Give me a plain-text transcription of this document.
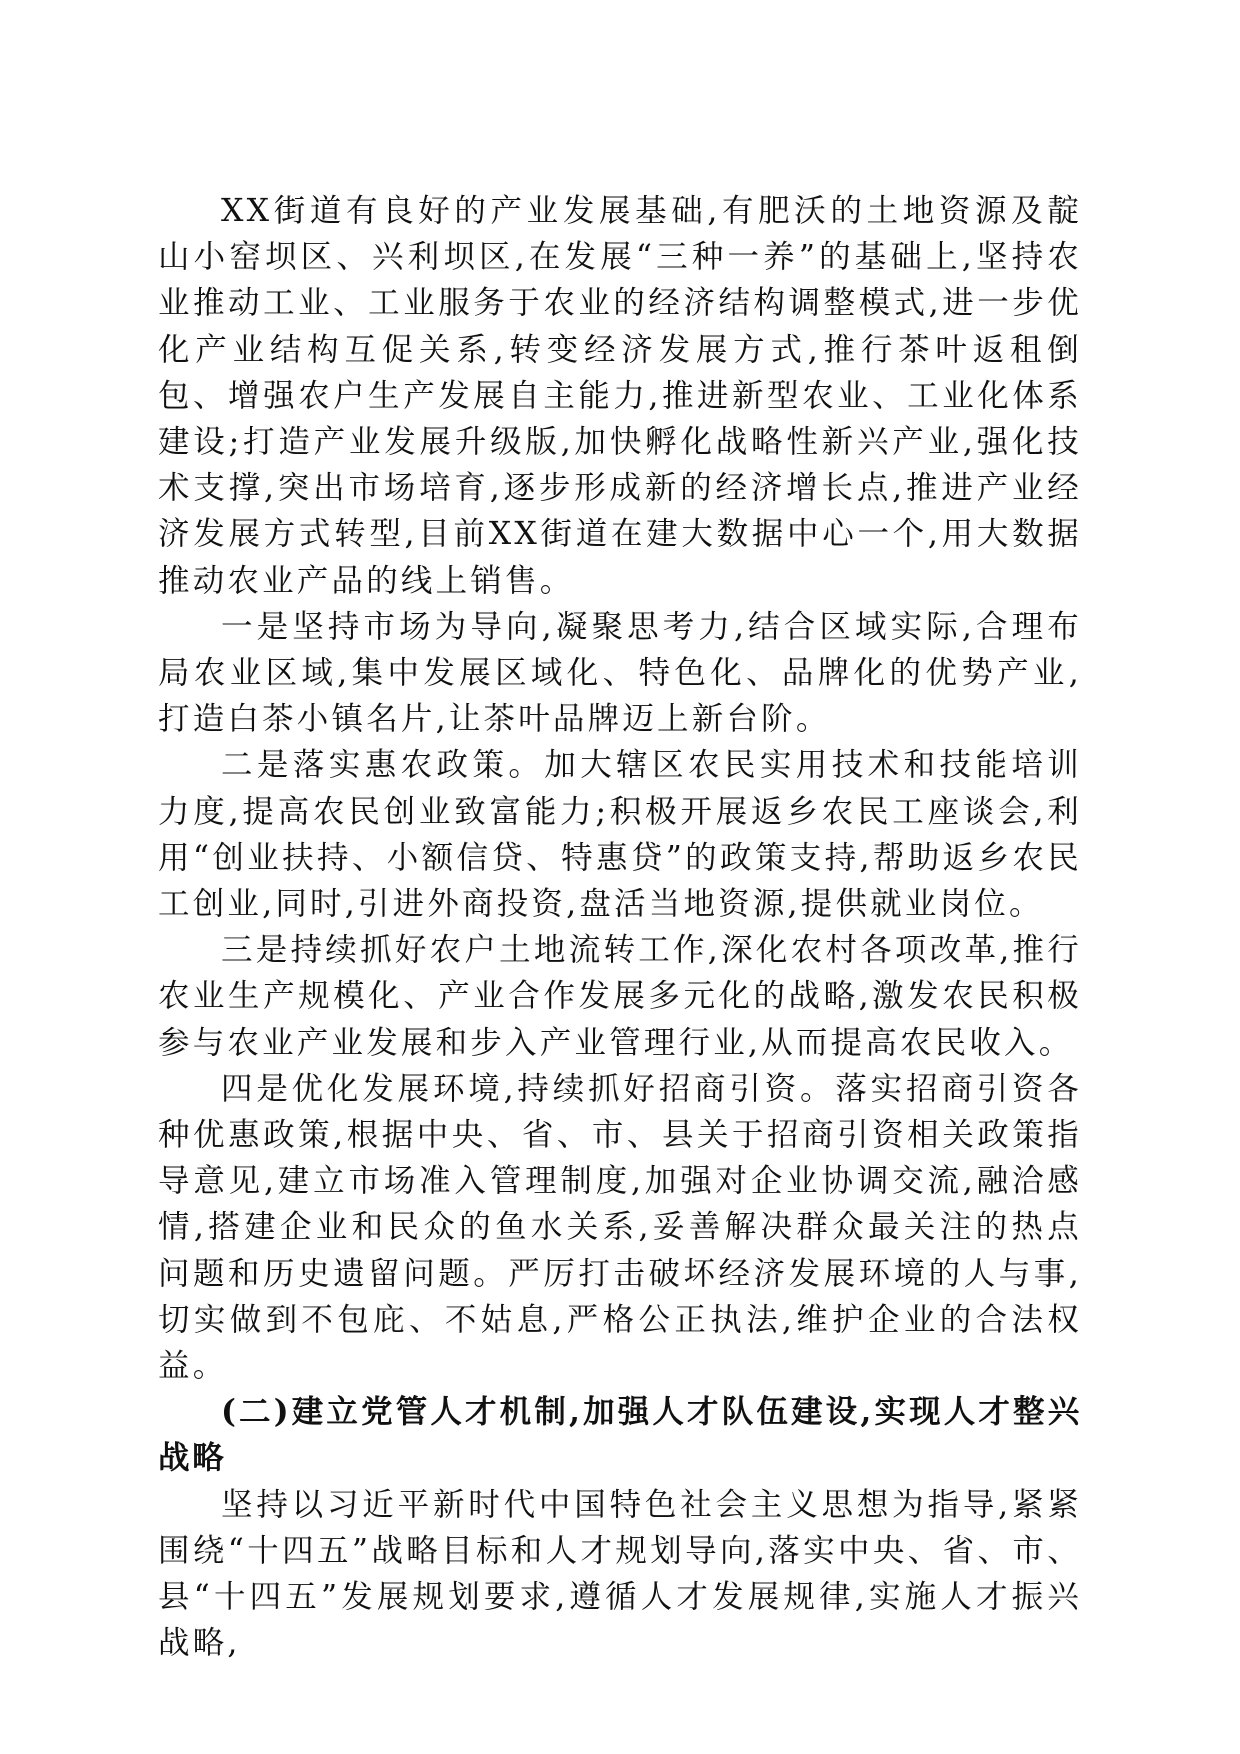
XX街道有良好的产业发展基础,有肥沃的土地资源及靛山小窑坝区、兴利坝区,在发展“三种一养”的基础上,坚持农业推动工业、工业服务于农业的经济结构调整模式,进一步优化产业结构互促关系,转变经济发展方式,推行茶叶返租倒包、增强农户生产发展自主能力,推进新型农业、工业化体系建设;打造产业发展升级版,加快孵化战略性新兴产业,强化技术支撑,突出市场培育,逐步形成新的经济增长点,推进产业经济发展方式转型,目前XX街道在建大数据中心一个,用大数据推动农业产品的线上销售。

一是坚持市场为导向,凝聚思考力,结合区域实际,合理布局农业区域,集中发展区域化、特色化、品牌化的优势产业,打造白茶小镇名片,让茶叶品牌迈上新台阶。

二是落实惠农政策。加大辖区农民实用技术和技能培训力度,提高农民创业致富能力;积极开展返乡农民工座谈会,利用“创业扶持、小额信贷、特惠贷”的政策支持,帮助返乡农民工创业,同时,引进外商投资,盘活当地资源,提供就业岗位。

三是持续抓好农户土地流转工作,深化农村各项改革,推行农业生产规模化、产业合作发展多元化的战略,激发农民积极参与农业产业发展和步入产业管理行业,从而提高农民收入。

四是优化发展环境,持续抓好招商引资。落实招商引资各种优惠政策,根据中央、省、市、县关于招商引资相关政策指导意见,建立市场准入管理制度,加强对企业协调交流,融洽感情,搭建企业和民众的鱼水关系,妥善解决群众最关注的热点问题和历史遗留问题。严厉打击破坏经济发展环境的人与事,切实做到不包庇、不姑息,严格公正执法,维护企业的合法权益。

(二)建立党管人才机制,加强人才队伍建设,实现人才整兴战略

坚持以习近平新时代中国特色社会主义思想为指导,紧紧围绕“十四五”战略目标和人才规划导向,落实中央、省、市、县“十四五”发展规划要求,遵循人才发展规律,实施人才振兴战略,
